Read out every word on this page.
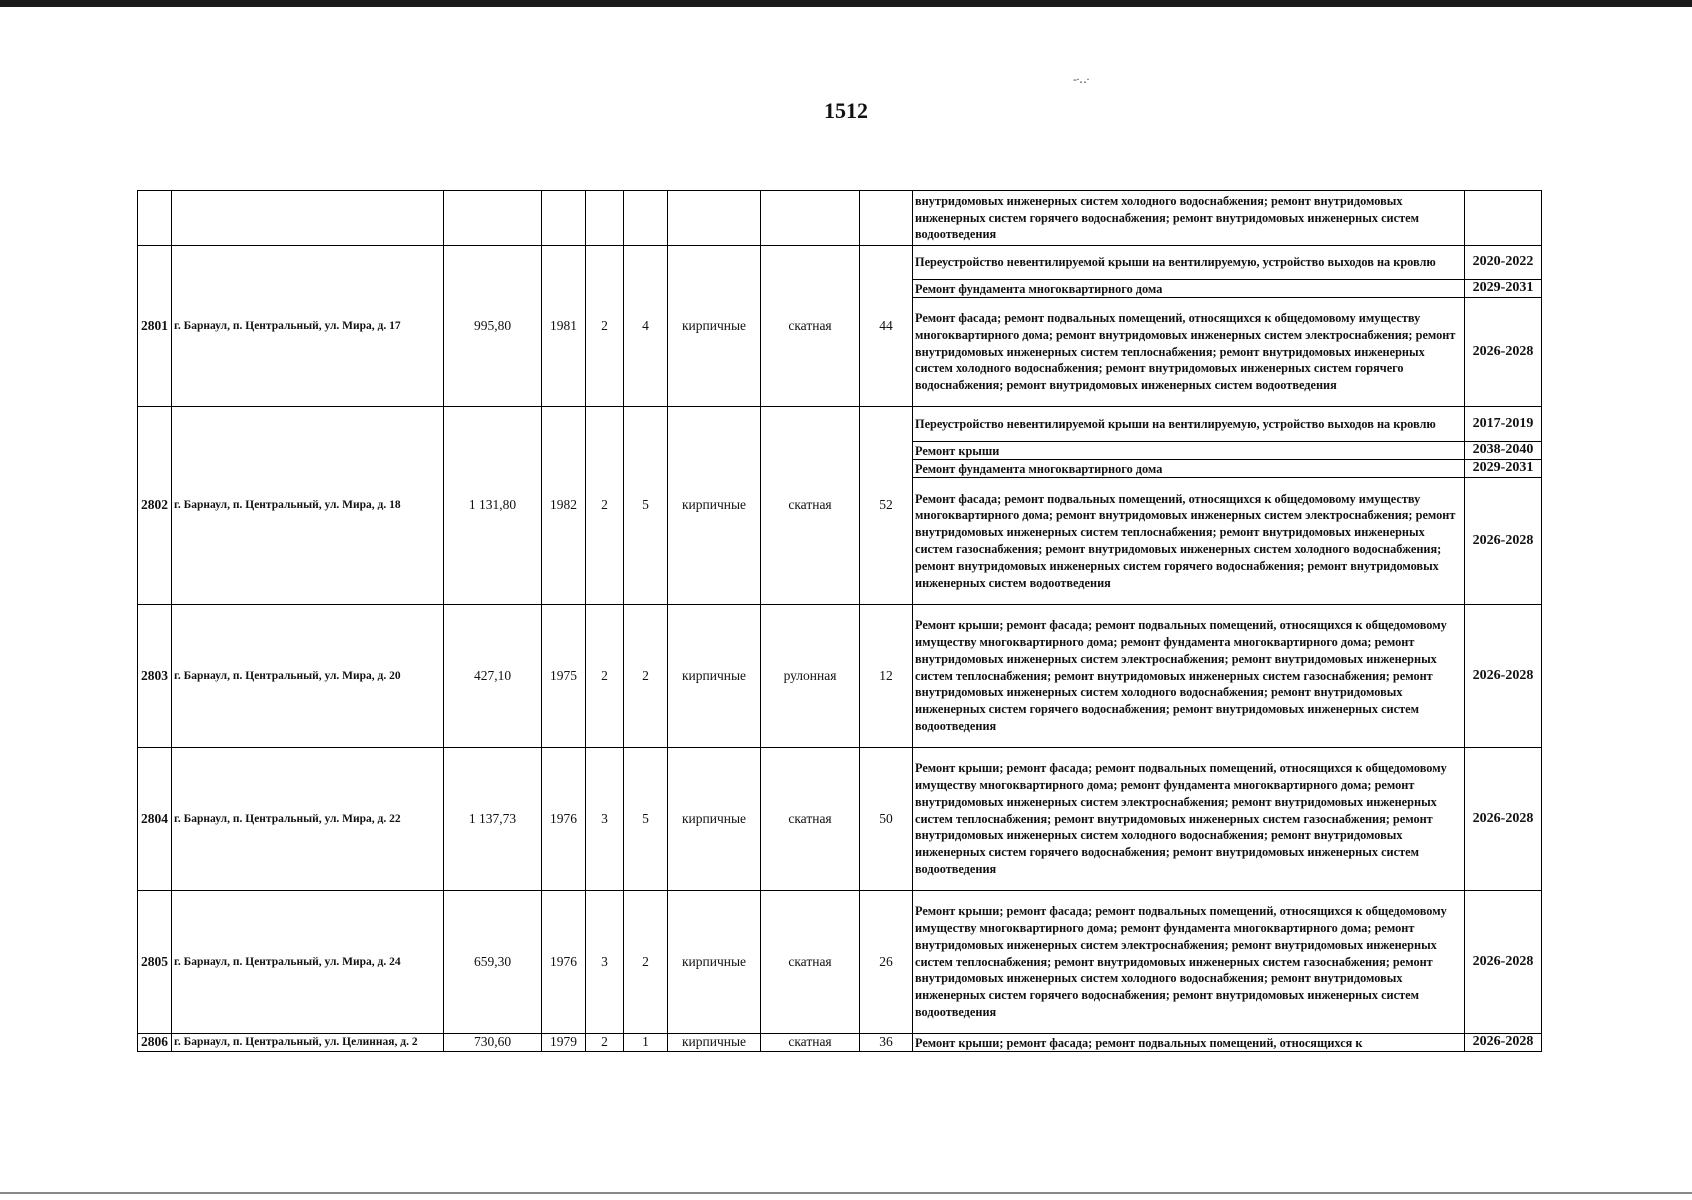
-·‥·
1512
									внутридомовых инженерных систем холодного водоснабжения; ремонт внутридомовых инженерных систем горячего водоснабжения; ремонт внутридомовых инженерных систем водоотведения	
2801	г. Барнаул, п. Центральный, ул. Мира, д. 17	995,80	1981	2	4	кирпичные	скатная	44	Переустройство невентилируемой крыши на вентилируемую, устройство выходов на кровлю	2020-2022
									Ремонт фундамента многоквартирного дома	2029-2031
									Ремонт фасада; ремонт подвальных помещений, относящихся к общедомовому имуществу многоквартирного дома; ремонт внутридомовых инженерных систем электроснабжения; ремонт внутридомовых инженерных систем теплоснабжения; ремонт внутридомовых инженерных систем холодного водоснабжения; ремонт внутридомовых инженерных систем горячего водоснабжения; ремонт внутридомовых инженерных систем водоотведения	2026-2028
2802	г. Барнаул, п. Центральный, ул. Мира, д. 18	1 131,80	1982	2	5	кирпичные	скатная	52	Переустройство невентилируемой крыши на вентилируемую, устройство выходов на кровлю	2017-2019
									Ремонт крыши	2038-2040
									Ремонт фундамента многоквартирного дома	2029-2031
									Ремонт фасада; ремонт подвальных помещений, относящихся к общедомовому имуществу многоквартирного дома; ремонт внутридомовых инженерных систем электроснабжения; ремонт внутридомовых инженерных систем теплоснабжения; ремонт внутридомовых инженерных систем газоснабжения; ремонт внутридомовых инженерных систем холодного водоснабжения; ремонт внутридомовых инженерных систем горячего водоснабжения; ремонт внутридомовых инженерных систем водоотведения	2026-2028
2803	г. Барнаул, п. Центральный, ул. Мира, д. 20	427,10	1975	2	2	кирпичные	рулонная	12	Ремонт крыши; ремонт фасада; ремонт подвальных помещений, относящихся к общедомовому имуществу многоквартирного дома; ремонт фундамента многоквартирного дома; ремонт внутридомовых инженерных систем электроснабжения; ремонт внутридомовых инженерных систем теплоснабжения; ремонт внутридомовых инженерных систем газоснабжения; ремонт внутридомовых инженерных систем холодного водоснабжения; ремонт внутридомовых инженерных систем горячего водоснабжения; ремонт внутридомовых инженерных систем водоотведения	2026-2028
2804	г. Барнаул, п. Центральный, ул. Мира, д. 22	1 137,73	1976	3	5	кирпичные	скатная	50	Ремонт крыши; ремонт фасада; ремонт подвальных помещений, относящихся к общедомовому имуществу многоквартирного дома; ремонт фундамента многоквартирного дома; ремонт внутридомовых инженерных систем электроснабжения; ремонт внутридомовых инженерных систем теплоснабжения; ремонт внутридомовых инженерных систем газоснабжения; ремонт внутридомовых инженерных систем холодного водоснабжения; ремонт внутридомовых инженерных систем горячего водоснабжения; ремонт внутридомовых инженерных систем водоотведения	2026-2028
2805	г. Барнаул, п. Центральный, ул. Мира, д. 24	659,30	1976	3	2	кирпичные	скатная	26	Ремонт крыши; ремонт фасада; ремонт подвальных помещений, относящихся к общедомовому имуществу многоквартирного дома; ремонт фундамента многоквартирного дома; ремонт внутридомовых инженерных систем электроснабжения; ремонт внутридомовых инженерных систем теплоснабжения; ремонт внутридомовых инженерных систем газоснабжения; ремонт внутридомовых инженерных систем холодного водоснабжения; ремонт внутридомовых инженерных систем горячего водоснабжения; ремонт внутридомовых инженерных систем водоотведения	2026-2028
2806	г. Барнаул, п. Центральный, ул. Целинная, д. 2	730,60	1979	2	1	кирпичные	скатная	36	Ремонт крыши; ремонт фасада; ремонт подвальных помещений, относящихся к	2026-2028
